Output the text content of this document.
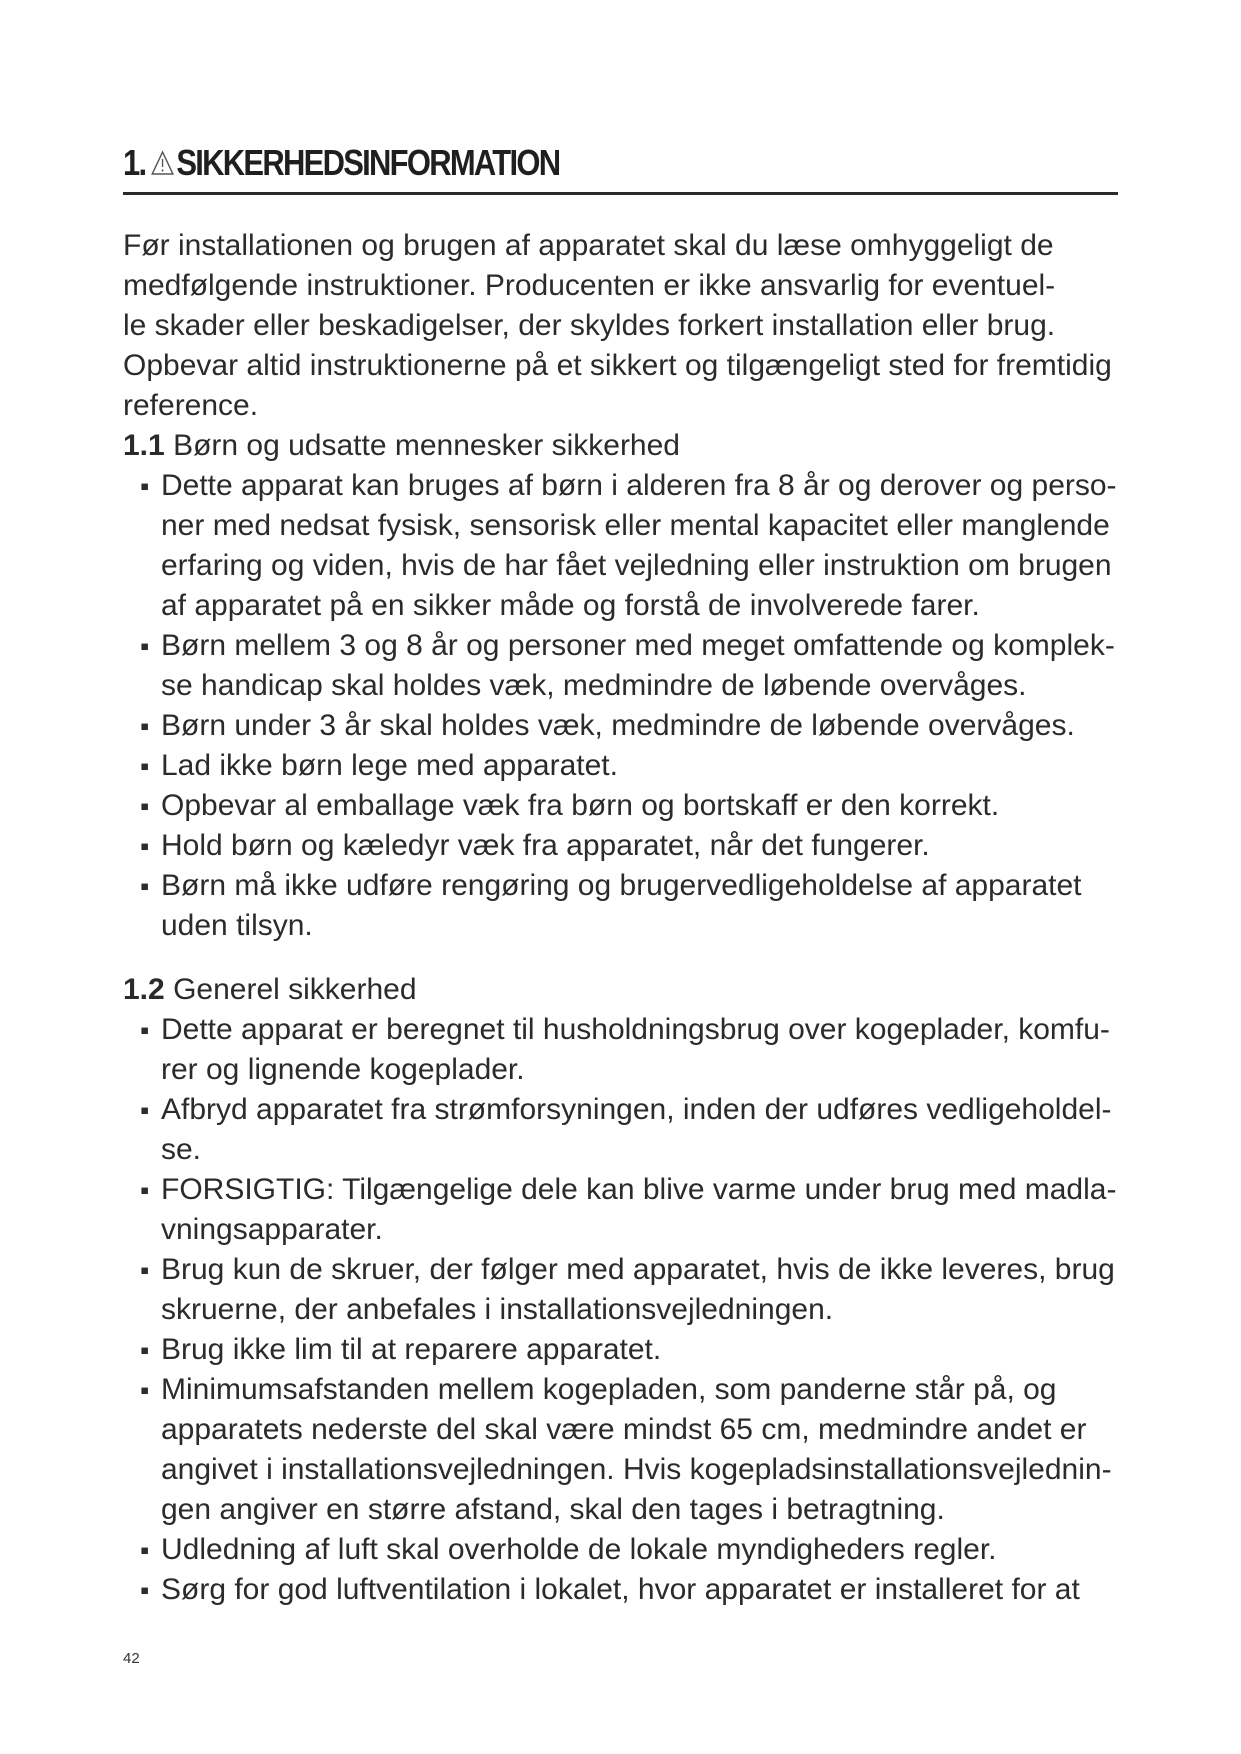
1. SIKKERHEDSINFORMATION
Før installationen og brugen af apparatet skal du læse omhyggeligt de
medfølgende instruktioner. Producenten er ikke ansvarlig for eventuel-
le skader eller beskadigelser, der skyldes forkert installation eller brug.
Opbevar altid instruktionerne på et sikkert og tilgængeligt sted for fremtidig
reference.
1.1 Børn og udsatte mennesker sikkerhed
▪ Dette apparat kan bruges af børn i alderen fra 8 år og derover og perso-
ner med nedsat fysisk, sensorisk eller mental kapacitet eller manglende
erfaring og viden, hvis de har fået vejledning eller instruktion om brugen
af apparatet på en sikker måde og forstå de involverede farer.
▪ Børn mellem 3 og 8 år og personer med meget omfattende og komplek-
se handicap skal holdes væk, medmindre de løbende overvåges.
▪ Børn under 3 år skal holdes væk, medmindre de løbende overvåges.
▪ Lad ikke børn lege med apparatet.
▪ Opbevar al emballage væk fra børn og bortskaff er den korrekt.
▪ Hold børn og kæledyr væk fra apparatet, når det fungerer.
▪ Børn må ikke udføre rengøring og brugervedligeholdelse af apparatet
uden tilsyn.
1.2 Generel sikkerhed
▪ Dette apparat er beregnet til husholdningsbrug over kogeplader, komfu-
rer og lignende kogeplader.
▪ Afbryd apparatet fra strømforsyningen, inden der udføres vedligeholdel-
se.
▪ FORSIGTIG: Tilgængelige dele kan blive varme under brug med madla-
vningsapparater.
▪ Brug kun de skruer, der følger med apparatet, hvis de ikke leveres, brug
skruerne, der anbefales i installationsvejledningen.
▪ Brug ikke lim til at reparere apparatet.
▪ Minimumsafstanden mellem kogepladen, som panderne står på, og
apparatets nederste del skal være mindst 65 cm, medmindre andet er
angivet i installationsvejledningen. Hvis kogepladsinstallationsvejlednin-
gen angiver en større afstand, skal den tages i betragtning.
▪ Udledning af luft skal overholde de lokale myndigheders regler.
▪ Sørg for god luftventilation i lokalet, hvor apparatet er installeret for at
42
